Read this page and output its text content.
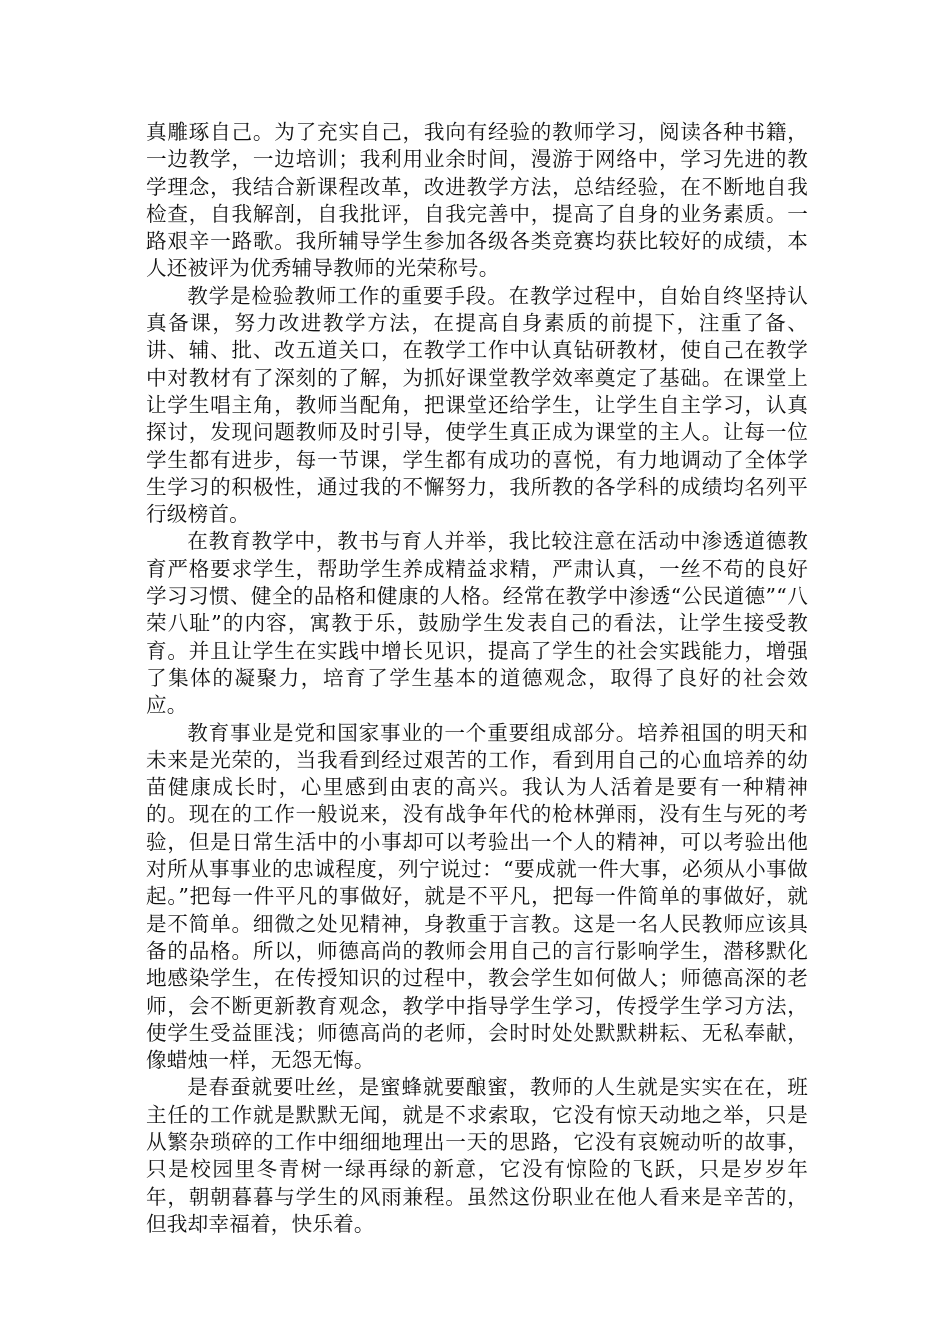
真雕琢自己。为了充实自己，我向有经验的教师学习，阅读各种书籍，一边教学，一边培训；我利用业余时间，漫游于网络中，学习先进的教学理念，我结合新课程改革，改进教学方法，总结经验，在不断地自我检查，自我解剖，自我批评，自我完善中，提高了自身的业务素质。一路艰辛一路歌。我所辅导学生参加各级各类竞赛均获比较好的成绩，本人还被评为优秀辅导教师的光荣称号。

教学是检验教师工作的重要手段。在教学过程中，自始自终坚持认真备课，努力改进教学方法，在提高自身素质的前提下，注重了备、讲、辅、批、改五道关口，在教学工作中认真钻研教材，使自己在教学中对教材有了深刻的了解，为抓好课堂教学效率奠定了基础。在课堂上让学生唱主角，教师当配角，把课堂还给学生，让学生自主学习，认真探讨，发现问题教师及时引导，使学生真正成为课堂的主人。让每一位学生都有进步，每一节课，学生都有成功的喜悦，有力地调动了全体学生学习的积极性，通过我的不懈努力，我所教的各学科的成绩均名列平行级榜首。

在教育教学中，教书与育人并举，我比较注意在活动中渗透道德教育严格要求学生，帮助学生养成精益求精，严肃认真，一丝不苟的良好学习习惯、健全的品格和健康的人格。经常在教学中渗透“公民道德”“八荣八耻”的内容，寓教于乐，鼓励学生发表自己的看法，让学生接受教育。并且让学生在实践中增长见识，提高了学生的社会实践能力，增强了集体的凝聚力，培育了学生基本的道德观念，取得了良好的社会效应。

教育事业是党和国家事业的一个重要组成部分。培养祖国的明天和未来是光荣的，当我看到经过艰苦的工作，看到用自己的心血培养的幼苗健康成长时，心里感到由衷的高兴。我认为人活着是要有一种精神的。现在的工作一般说来，没有战争年代的枪林弹雨，没有生与死的考验，但是日常生活中的小事却可以考验出一个人的精神，可以考验出他对所从事事业的忠诚程度，列宁说过：“要成就一件大事，必须从小事做起。”把每一件平凡的事做好，就是不平凡，把每一件简单的事做好，就是不简单。细微之处见精神，身教重于言教。这是一名人民教师应该具备的品格。所以，师德高尚的教师会用自己的言行影响学生，潜移默化地感染学生，在传授知识的过程中，教会学生如何做人；师德高深的老师，会不断更新教育观念，教学中指导学生学习，传授学生学习方法，使学生受益匪浅；师德高尚的老师，会时时处处默默耕耘、无私奉献，像蜡烛一样，无怨无悔。

是春蚕就要吐丝，是蜜蜂就要酿蜜，教师的人生就是实实在在，班主任的工作就是默默无闻，就是不求索取，它没有惊天动地之举，只是从繁杂琐碎的工作中细细地理出一天的思路，它没有哀婉动听的故事，只是校园里冬青树一绿再绿的新意，它没有惊险的飞跃，只是岁岁年年，朝朝暮暮与学生的风雨兼程。虽然这份职业在他人看来是辛苦的，但我却幸福着，快乐着。
